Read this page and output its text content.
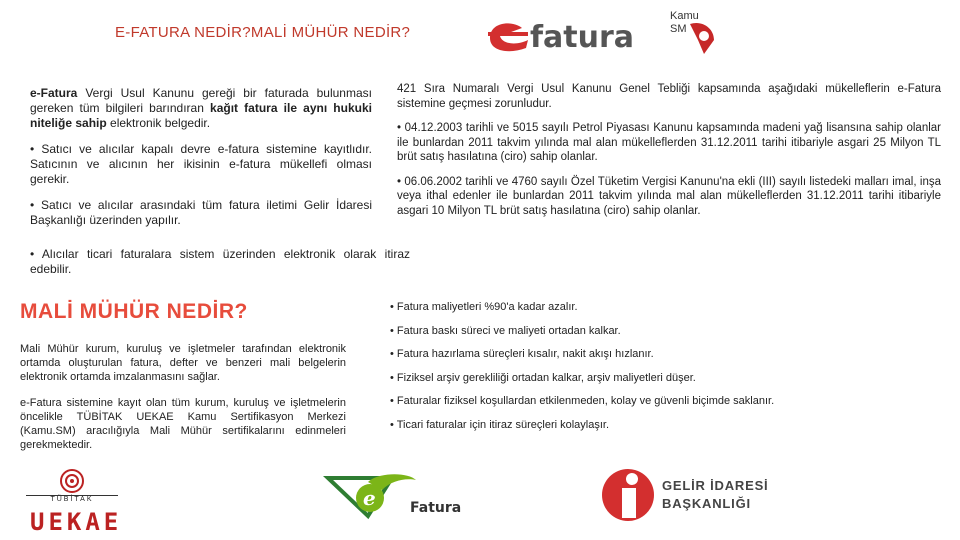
E-FATURA NEDİR?MALİ MÜHÜR NEDİR?	fatura
Kamu
SM

e-Fatura Vergi Usul Kanunu gereği bir faturada bulunması gereken tüm bilgileri barındıran kağıt fatura ile aynı hukuki niteliğe sahip elektronik belgedir.

• Satıcı ve alıcılar kapalı devre e-fatura sistemine kayıtlıdır. Satıcının ve alıcının her ikisinin e-fatura mükellefi olması gerekir.

• Satıcı ve alıcılar arasındaki tüm fatura iletimi Gelir İdaresi Başkanlığı üzerinden yapılır.

• Alıcılar ticari faturalara sistem üzerinden elektronik olarak itiraz edebilir.

421 Sıra Numaralı Vergi Usul Kanunu Genel Tebliği kapsamında aşağıdaki mükelleflerin e-Fatura sistemine geçmesi zorunludur.

• 04.12.2003 tarihli ve 5015 sayılı Petrol Piyasası Kanunu kapsamında madeni yağ lisansına sahip olanlar ile bunlardan 2011 takvim yılında mal alan mükelleflerden 31.12.2011 tarihi itibariyle asgari 25 Milyon TL brüt satış hasılatına (ciro) sahip olanlar.

• 06.06.2002 tarihli ve 4760 sayılı Özel Tüketim Vergisi Kanunu'na ekli (III) sayılı listedeki malları imal, inşa veya ithal edenler ile bunlardan 2011 takvim yılında mal alan mükelleflerden 31.12.2011 tarihi itibariyle asgari 10 Milyon TL brüt satış hasılatına (ciro) sahip olanlar.

MALİ MÜHÜR NEDİR?

Mali Mühür kurum, kuruluş ve işletmeler tarafından elektronik ortamda oluşturulan fatura, defter ve benzeri mali belgelerin elektronik ortamda imzalanmasını sağlar.

e-Fatura sistemine kayıt olan tüm kurum, kuruluş ve işletmelerin öncelikle TÜBİTAK UEKAE Kamu Sertifikasyon Merkezi (Kamu.SM) aracılığıyla Mali Mühür sertifikalarını edinmeleri gerekmektedir.

• Fatura maliyetleri %90'a kadar azalır.
• Fatura baskı süreci ve maliyeti ortadan kalkar.
• Fatura hazırlama süreçleri kısalır, nakit akışı hızlanır.
• Fiziksel arşiv gerekliliği ortadan kalkar, arşiv maliyetleri düşer.
• Faturalar fiziksel koşullardan etkilenmeden, kolay ve güvenli biçimde saklanır.
• Ticari faturalar için itiraz süreçleri kolaylaşır.
TÜBİTAK
UEKAE
e Fatura
GELİR İDARESİ
BAŞKANLIĞI
